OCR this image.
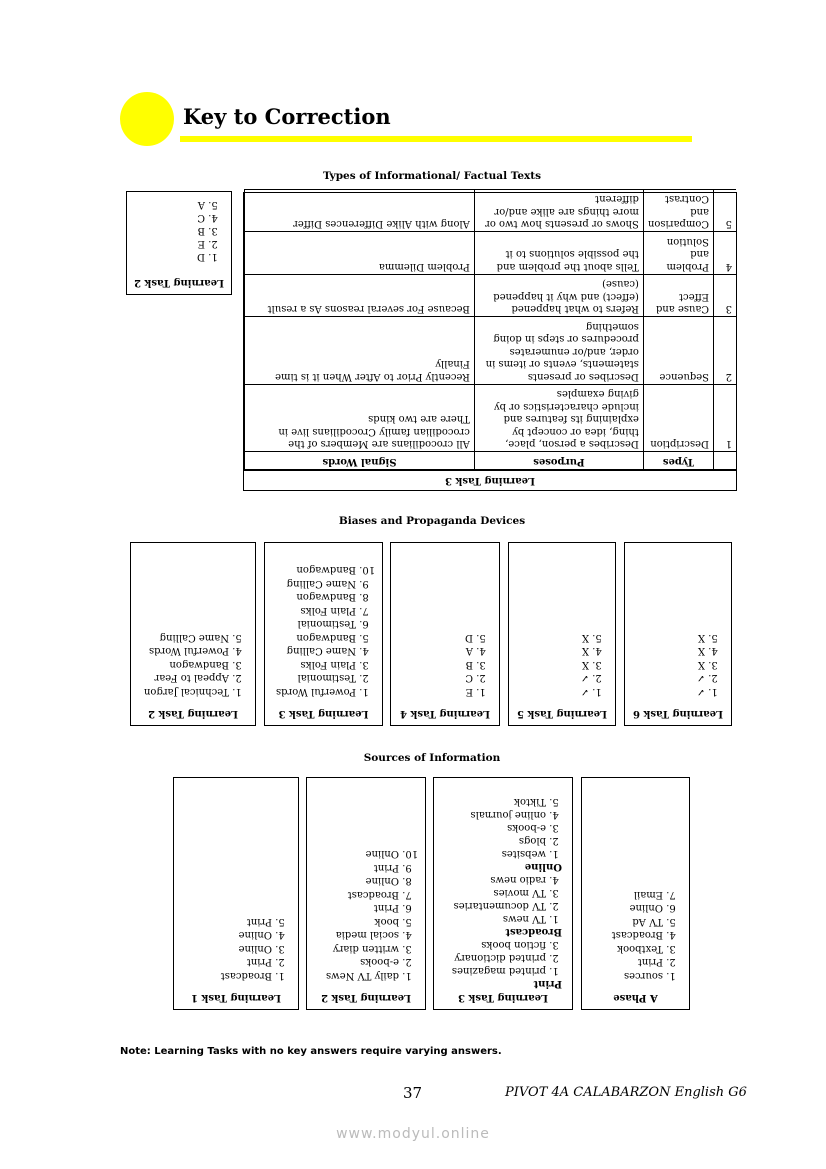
Key to Correction
Types of Informational/ Factual Texts
Learning Task 3
	Types	Purposes	Signal Words
1	Description	Describes a person, place, thing, idea or concept by explaining its features and include characteristics or by giving examples	All crocodilians are Members of the crocodilian family Crocodilians live in There are two kinds
2	Sequence	Describes or presents statements, events or items in order, and/or enumerates procedures or steps in doing something	Recently Prior to After When it is time Finally
3	Cause and Effect	Refers to what happened (effect) and why it happened (cause)	Because For several reasons As a result
4	Problem and Solution	Tells about the problem and the possible solutions to it	Problem Dilemma
5	Comparison and Contrast	Shows or presents how two or more things are alike and/or different	Along with Alike Differences Differ
Learning Task 2
1. D
2. E
3. B
4. C
5. A
Biases and Propaganda Devices
Learning Task 6
1. ✓
2. ✓
3. X
4. X
5. X
Learning Task 5
1. ✓
2. ✓
3. X
4. X
5. X
Learning Task 4
1. E
2. C
3. B
4. A
5. D
Learning Task 3
1. Powerful Words
2. Testimonial
3. Plain Folks
4. Name Calling
5. Bandwagon
6. Testimonial
7. Plain Folks
8. Bandwagon
9. Name Calling
10. Bandwagon
Learning Task 2
1. Technical Jargon
2. Appeal to Fear
3. Bandwagon
4. Powerful Words
5. Name Calling
Sources of Information
A Phase
1. sources
2. Print
3. Textbook
4. Broadcast
5. TV Ad
6. Online
7. Email
Learning Task 3
Print
1. printed magazines
2. printed dictionary
3. fiction books
Broadcast
1. TV news
2. TV documentaries
3. TV movies
4. radio news
Online
1. websites
2. blogs
3. e-books
4. online journals
5. Tiktok
Learning Task 2
1. daily TV News
2. e-books
3. written diary
4. social media
5. book
6. Print
7. Broadcast
8. Online
9. Print
10. Online
Learning Task 1
1. Broadcast
2. Print
3. Online
4. Online
5. Print
Note: Learning Tasks with no key answers require varying answers.
37	PIVOT 4A CALABARZON English G6
www.modyul.online
